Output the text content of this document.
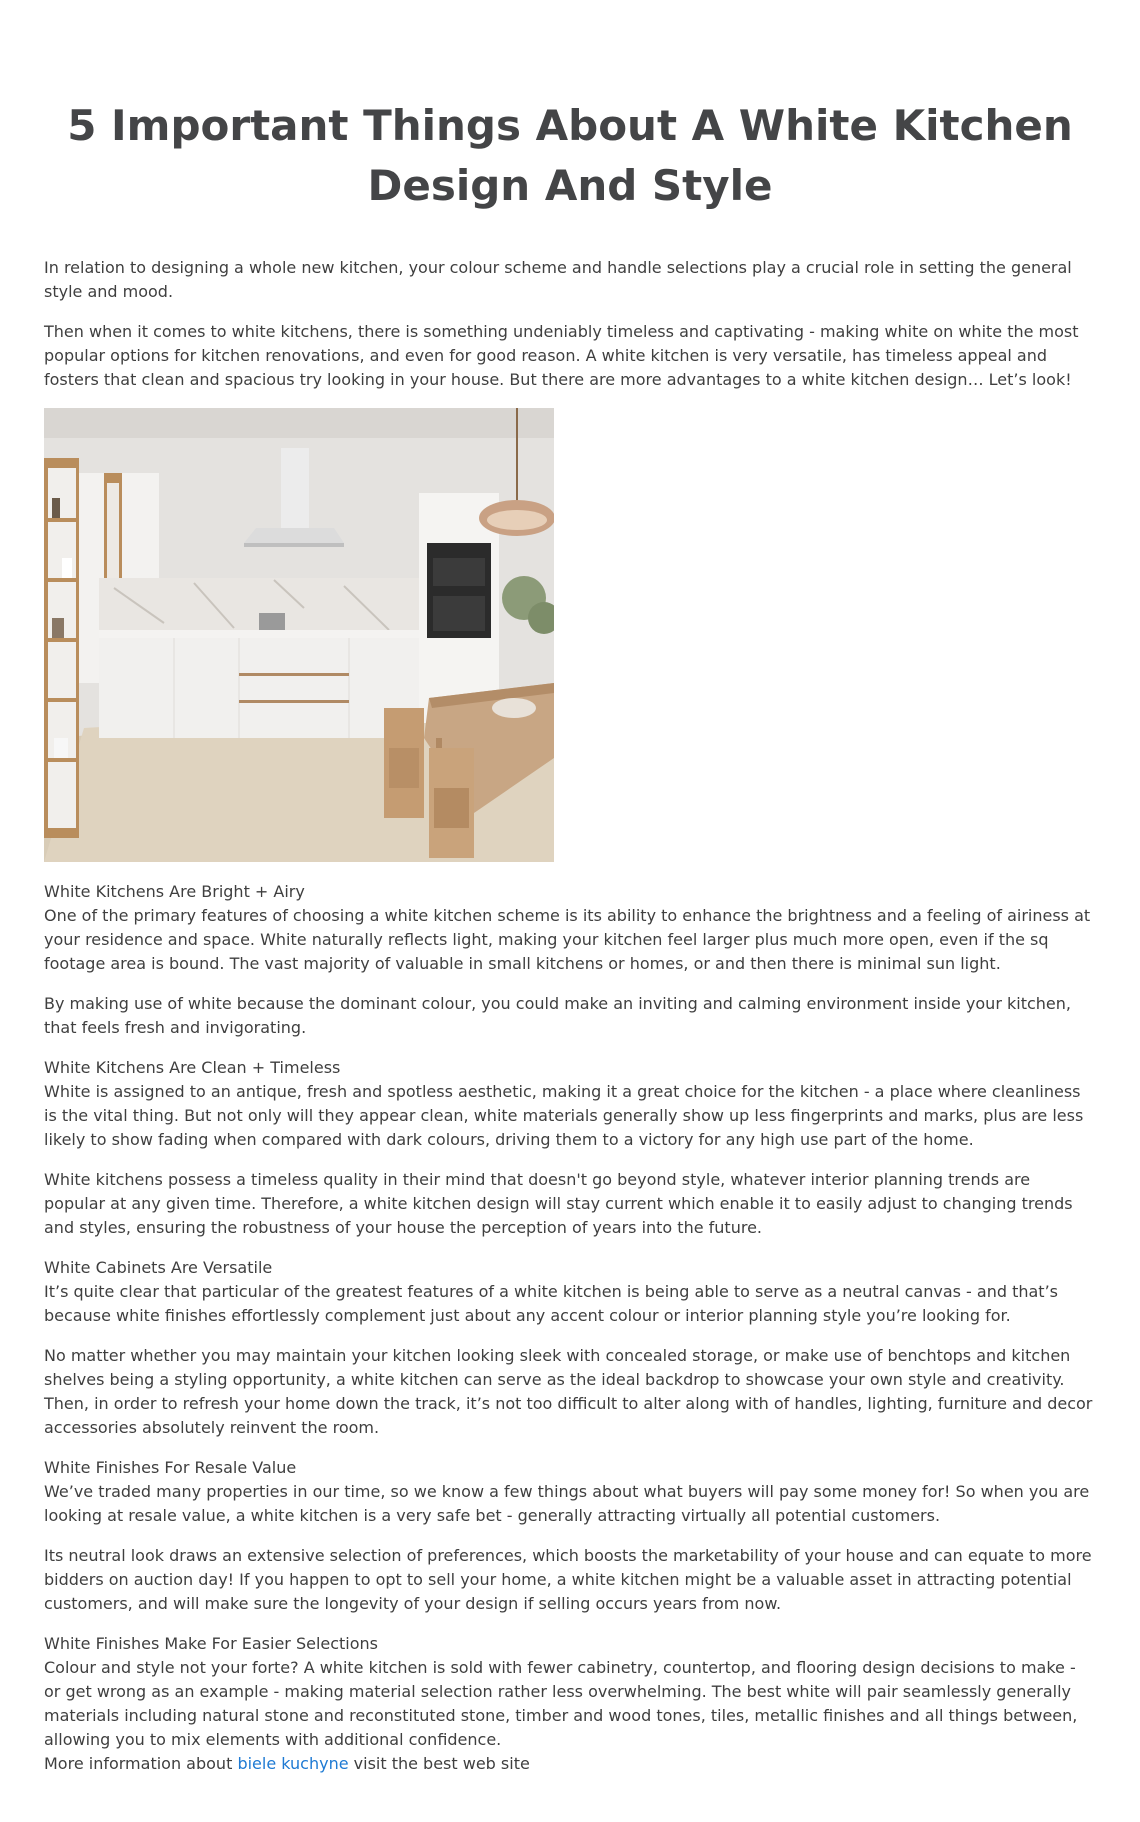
5 Important Things About A White Kitchen Design And Style

In relation to designing a whole new kitchen, your colour scheme and handle selections play a crucial role in setting the general style and mood.

Then when it comes to white kitchens, there is something undeniably timeless and captivating - making white on white the most popular options for kitchen renovations, and even for good reason. A white kitchen is very versatile, has timeless appeal and fosters that clean and spacious try looking in your house. But there are more advantages to a white kitchen design… Let’s look!

White Kitchens Are Bright + Airy

One of the primary features of choosing a white kitchen scheme is its ability to enhance the brightness and a feeling of airiness at your residence and space. White naturally reflects light, making your kitchen feel larger plus much more open, even if the sq footage area is bound. The vast majority of valuable in small kitchens or homes, or and then there is minimal sun light.

By making use of white because the dominant colour, you could make an inviting and calming environment inside your kitchen, that feels fresh and invigorating.

White Kitchens Are Clean + Timeless

White is assigned to an antique, fresh and spotless aesthetic, making it a great choice for the kitchen - a place where cleanliness is the vital thing. But not only will they appear clean, white materials generally show up less fingerprints and marks, plus are less likely to show fading when compared with dark colours, driving them to a victory for any high use part of the home.

White kitchens possess a timeless quality in their mind that doesn't go beyond style, whatever interior planning trends are popular at any given time. Therefore, a white kitchen design will stay current which enable it to easily adjust to changing trends and styles, ensuring the robustness of your house the perception of years into the future.

White Cabinets Are Versatile

It’s quite clear that particular of the greatest features of a white kitchen is being able to serve as a neutral canvas - and that’s because white finishes effortlessly complement just about any accent colour or interior planning style you’re looking for.

No matter whether you may maintain your kitchen looking sleek with concealed storage, or make use of benchtops and kitchen shelves being a styling opportunity, a white kitchen can serve as the ideal backdrop to showcase your own style and creativity. Then, in order to refresh your home down the track, it’s not too difficult to alter along with of handles, lighting, furniture and decor accessories absolutely reinvent the room.

White Finishes For Resale Value

We’ve traded many properties in our time, so we know a few things about what buyers will pay some money for! So when you are looking at resale value, a white kitchen is a very safe bet - generally attracting virtually all potential customers.

Its neutral look draws an extensive selection of preferences, which boosts the marketability of your house and can equate to more bidders on auction day! If you happen to opt to sell your home, a white kitchen might be a valuable asset in attracting potential customers, and will make sure the longevity of your design if selling occurs years from now.

White Finishes Make For Easier Selections

Colour and style not your forte? A white kitchen is sold with fewer cabinetry, countertop, and flooring design decisions to make - or get wrong as an example - making material selection rather less overwhelming. The best white will pair seamlessly generally materials including natural stone and reconstituted stone, timber and wood tones, tiles, metallic finishes and all things between, allowing you to mix elements with additional confidence.

More information about biele kuchyne visit the best web site
